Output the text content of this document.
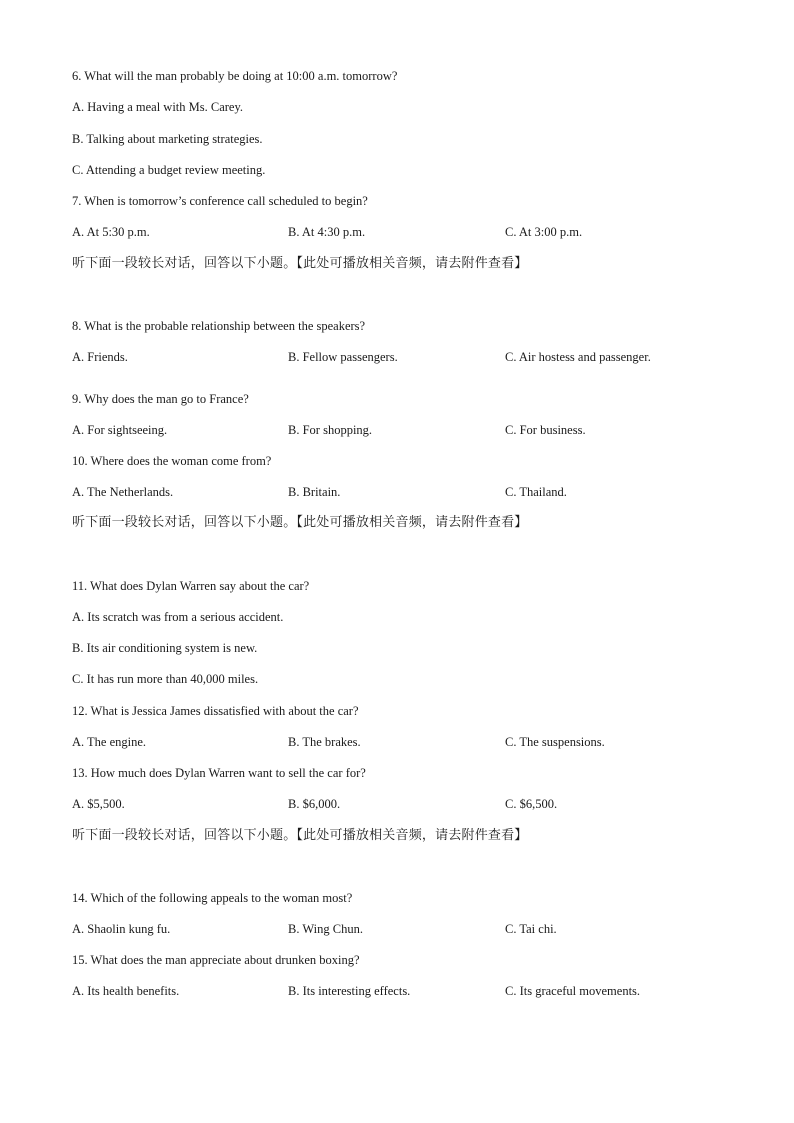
6. What will the man probably be doing at 10:00 a.m. tomorrow?
A. Having a meal with Ms. Carey.
B. Talking about marketing strategies.
C. Attending a budget review meeting.
7. When is tomorrow’s conference call scheduled to begin?
A. At 5:30 p.m.	B. At 4:30 p.m.	C. At 3:00 p.m.
听下面一段较长对话，回答以下小题。【此处可播放相关音频，请去附件查看】
8. What is the probable relationship between the speakers?
A. Friends.	B. Fellow passengers.	C. Air hostess and passenger.
9. Why does the man go to France?
A. For sightseeing.	B. For shopping.	C. For business.
10. Where does the woman come from?
A. The Netherlands.	B. Britain.	C. Thailand.
听下面一段较长对话，回答以下小题。【此处可播放相关音频，请去附件查看】
11. What does Dylan Warren say about the car?
A. Its scratch was from a serious accident.
B. Its air conditioning system is new.
C. It has run more than 40,000 miles.
12. What is Jessica James dissatisfied with about the car?
A. The engine.	B. The brakes.	C. The suspensions.
13. How much does Dylan Warren want to sell the car for?
A. $5,500.	B. $6,000.	C. $6,500.
听下面一段较长对话，回答以下小题。【此处可播放相关音频，请去附件查看】
14. Which of the following appeals to the woman most?
A. Shaolin kung fu.	B. Wing Chun.	C. Tai chi.
15. What does the man appreciate about drunken boxing?
A. Its health benefits.	B. Its interesting effects.	C. Its graceful movements.
